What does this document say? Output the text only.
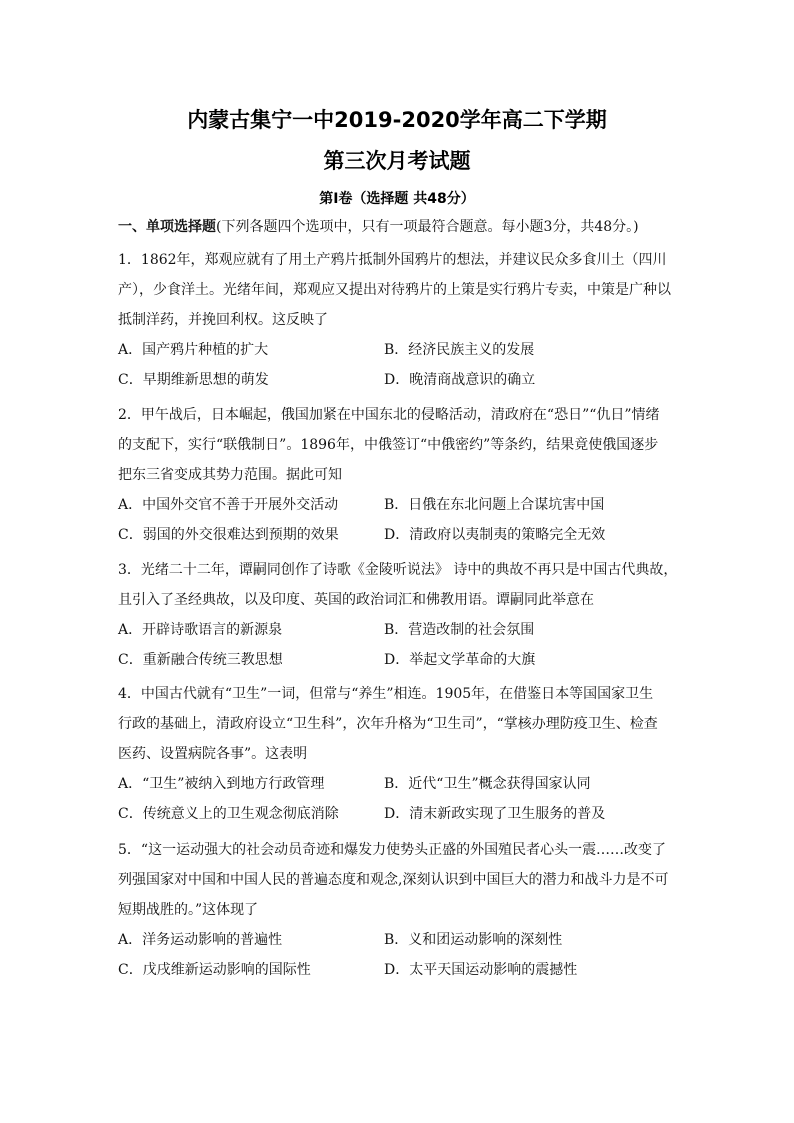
内蒙古集宁一中2019-2020学年高二下学期
第三次月考试题
第Ⅰ卷（选择题 共48分）
一、单项选择题(下列各题四个选项中，只有一项最符合题意。每小题3分，共48分。)
1．1862年，郑观应就有了用土产鸦片抵制外国鸦片的想法，并建议民众多食川土（四川
产），少食洋土。光绪年间，郑观应又提出对待鸦片的上策是实行鸦片专卖，中策是广种以
抵制洋药，并挽回利权。这反映了
A．国产鸦片种植的扩大	B．经济民族主义的发展
C．早期维新思想的萌发	D．晚清商战意识的确立
2．甲午战后，日本崛起，俄国加紧在中国东北的侵略活动，清政府在“恐日”“仇日”情绪
的支配下，实行“联俄制日”。1896年，中俄签订“中俄密约”等条约，结果竟使俄国逐步
把东三省变成其势力范围。据此可知
A．中国外交官不善于开展外交活动	B．日俄在东北问题上合谋坑害中国
C．弱国的外交很难达到预期的效果	D．清政府以夷制夷的策略完全无效
3．光绪二十二年，谭嗣同创作了诗歌《金陵听说法》 诗中的典故不再只是中国古代典故，
且引入了圣经典故，以及印度、英国的政治词汇和佛教用语。谭嗣同此举意在
A．开辟诗歌语言的新源泉	B．营造改制的社会氛围
C．重新融合传统三教思想	D．举起文学革命的大旗
4．中国古代就有“卫生”一词，但常与“养生”相连。1905年，在借鉴日本等国国家卫生
行政的基础上，清政府设立“卫生科”，次年升格为“卫生司”，“掌核办理防疫卫生、检查
医药、设置病院各事”。这表明
A．“卫生”被纳入到地方行政管理	B．近代“卫生”概念获得国家认同
C．传统意义上的卫生观念彻底消除	D．清末新政实现了卫生服务的普及
5．“这一运动强大的社会动员奇迹和爆发力使势头正盛的外国殖民者心头一震……改变了
列强国家对中国和中国人民的普遍态度和观念,深刻认识到中国巨大的潜力和战斗力是不可
短期战胜的。”这体现了
A．洋务运动影响的普遍性	B．义和团运动影响的深刻性
C．戊戌维新运动影响的国际性	D．太平天国运动影响的震撼性
